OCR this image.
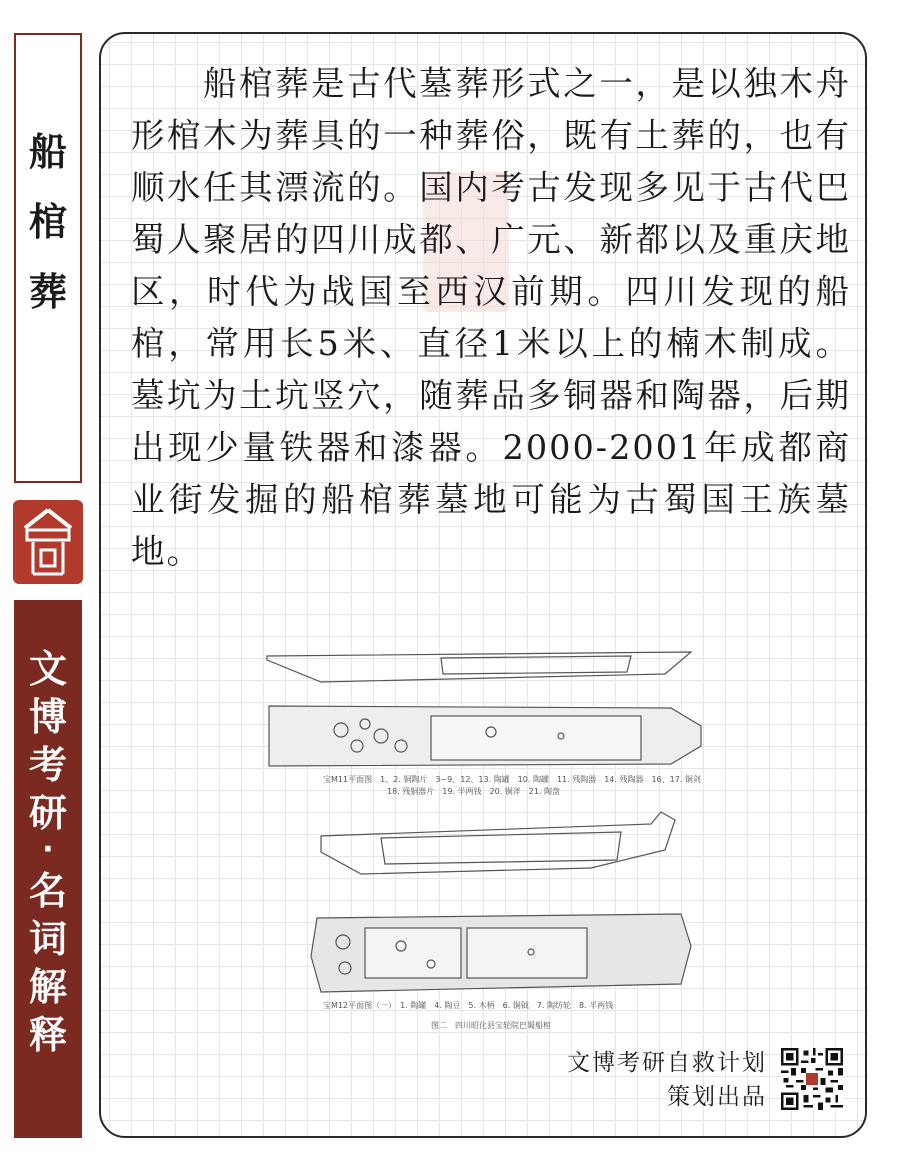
船
棺
葬
文
博
考
研
·
名
词
解
释

船棺葬是古代墓葬形式之一，是以独木舟形棺木为葬具的一种葬俗，既有土葬的，也有顺水任其漂流的。国内考古发现多见于古代巴蜀人聚居的四川成都、广元、新都以及重庆地区，时代为战国至西汉前期。四川发现的船棺，常用长5米、直径1米以上的楠木制成。墓坑为土坑竖穴，随葬品多铜器和陶器，后期出现少量铁器和漆器。2000-2001年成都商业街发掘的船棺葬墓地可能为古蜀国王族墓地。

宝M11平面图　1、2. 铜陶片　3~9、12、13. 陶罐　10. 陶罐　11. 残陶器　14. 残陶器　16、17. 铜剑
18. 残铜器片　19. 半两钱　20. 铜斧　21. 陶盘
宝M12平面图（一）　1. 陶罐　4. 陶豆　5. 木柄　6. 铜钺　7. 陶纺轮　8. 半两钱
图二　四川昭化县宝轮院巴蜀船棺
文博考研自救计划
策划出品
